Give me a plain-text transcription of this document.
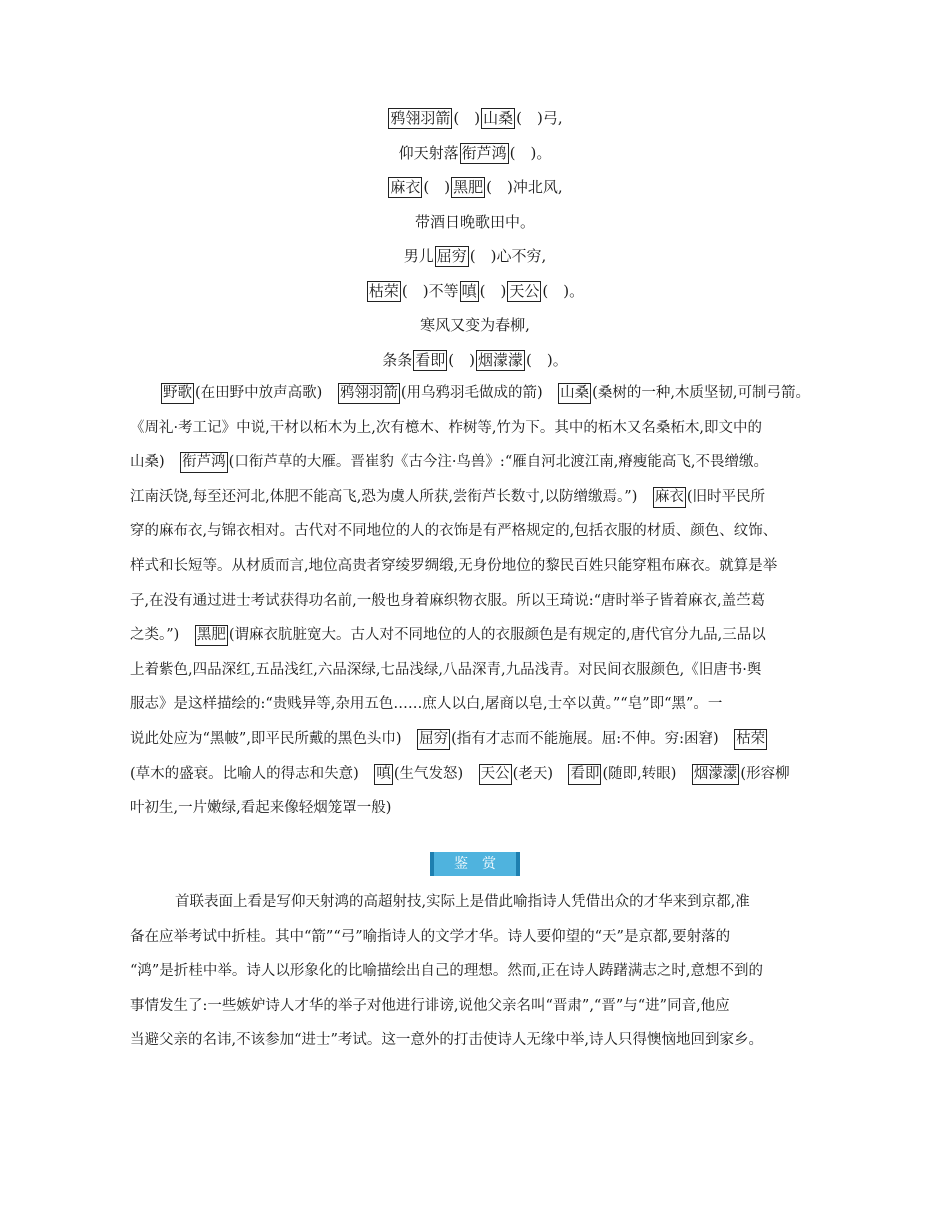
鸦翎羽箭 (　) 山桑 (　)弓,
仰天射落 衔芦鸿 (　)。
麻衣 (　) 黑肥 (　)冲北风,
带酒日晚歌田中。
男儿 屈穷 (　)心不穷,
枯荣 (　)不等 嗔 (　) 天公 (　)。
寒风又变为春柳,
条条 看即 (　) 烟濛濛 (　)。
野歌 (在田野中放声高歌)  鸦翎羽箭 (用乌鸦羽毛做成的箭)  山桑 (桑树的一种,木质坚韧,可制弓箭。
《周礼·考工记》中说,干材以柘木为上,次有檍木、柞树等,竹为下。其中的柘木又名桑柘木,即文中的
山桑)  衔芦鸿 (口衔芦草的大雁。晋崔豹《古今注·鸟兽》:“雁自河北渡江南,瘠瘦能高飞,不畏缯缴。
江南沃饶,每至还河北,体肥不能高飞,恐为虞人所获,尝衔芦长数寸,以防缯缴焉。”)  麻衣 (旧时平民所
穿的麻布衣,与锦衣相对。古代对不同地位的人的衣饰是有严格规定的,包括衣服的材质、颜色、纹饰、
样式和长短等。从材质而言,地位高贵者穿绫罗绸缎,无身份地位的黎民百姓只能穿粗布麻衣。就算是举
子,在没有通过进士考试获得功名前,一般也身着麻织物衣服。所以王琦说:“唐时举子皆着麻衣,盖苎葛
之类。”)  黑肥 (谓麻衣肮脏宽大。古人对不同地位的人的衣服颜色是有规定的,唐代官分九品,三品以
上着紫色,四品深红,五品浅红,六品深绿,七品浅绿,八品深青,九品浅青。对民间衣服颜色,《旧唐书·舆
服志》是这样描绘的:“贵贱异等,杂用五色……庶人以白,屠商以皂,士卒以黄。”“皂”即“黑”。一
说此处应为“黑帔”,即平民所戴的黑色头巾)  屈穷 (指有才志而不能施展。屈:不伸。穷:困窘)  枯荣
(草木的盛衰。比喻人的得志和失意)  嗔 (生气发怒)  天公 (老天)  看即 (随即,转眼)  烟濛濛 (形容柳
叶初生,一片嫩绿,看起来像轻烟笼罩一般)
鉴赏
首联表面上看是写仰天射鸿的高超射技,实际上是借此喻指诗人凭借出众的才华来到京都,准
备在应举考试中折桂。其中“箭”“弓”喻指诗人的文学才华。诗人要仰望的“天”是京都,要射落的
“鸿”是折桂中举。诗人以形象化的比喻描绘出自己的理想。然而,正在诗人踌躇满志之时,意想不到的
事情发生了:一些嫉妒诗人才华的举子对他进行诽谤,说他父亲名叫“晋肃”,“晋”与“进”同音,他应
当避父亲的名讳,不该参加“进士”考试。这一意外的打击使诗人无缘中举,诗人只得懊恼地回到家乡。
